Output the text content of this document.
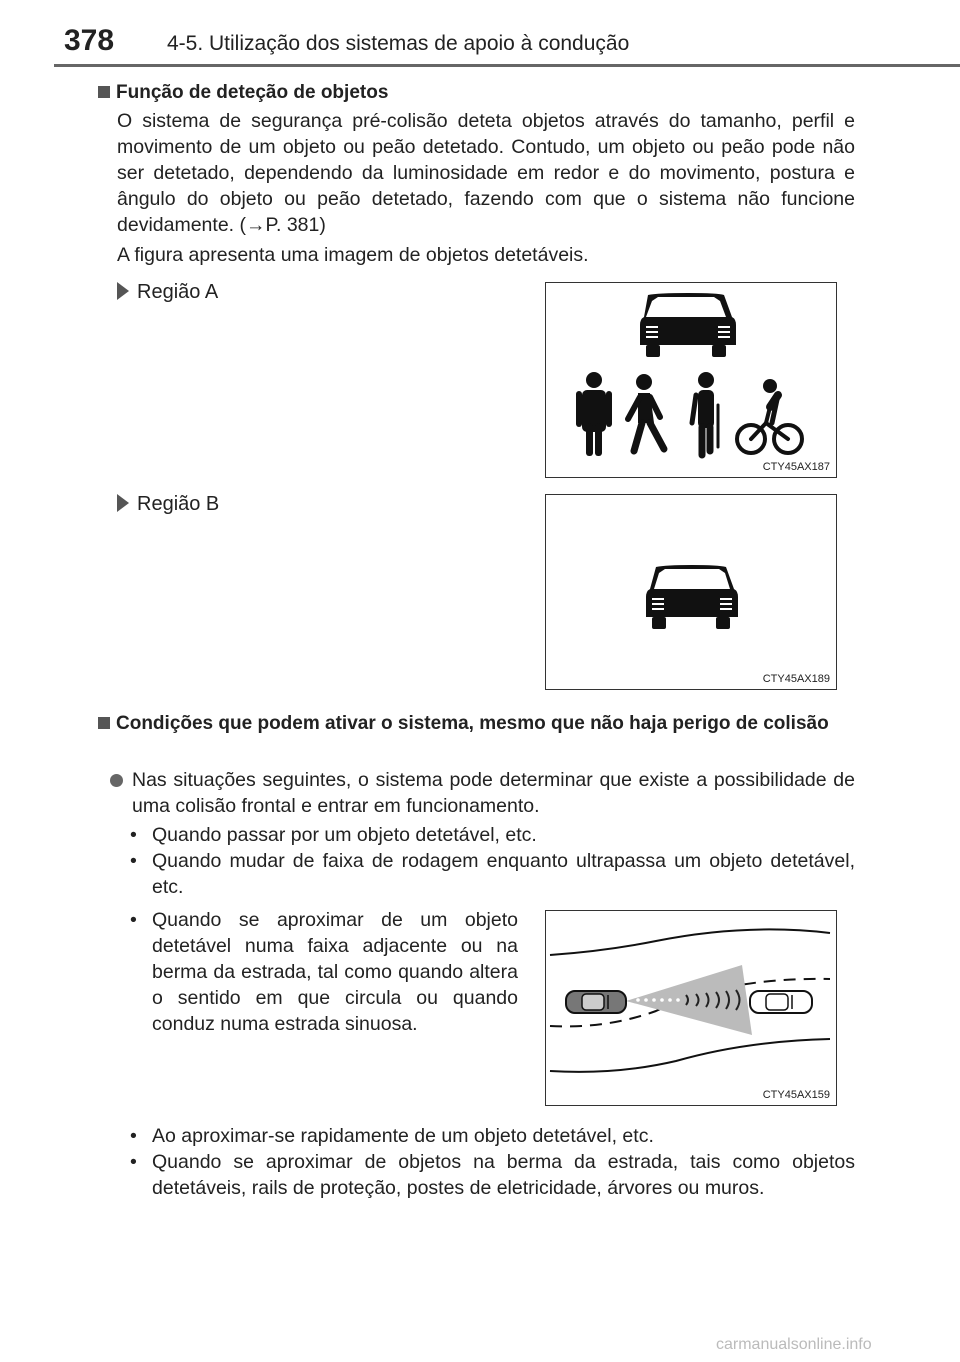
378	4-5. Utilização dos sistemas de apoio à condução
Função de deteção de objetos
O sistema de segurança pré-colisão deteta objetos através do tamanho, perfil e movimento de um objeto ou peão detetado. Contudo, um objeto ou peão pode não ser detetado, dependendo da luminosidade em redor e do movimento, postura e ângulo do objeto ou peão detetado, fazendo com que o sistema não funcione devidamente. (→P. 381)
A figura apresenta uma imagem de objetos detetáveis.
Região A
CTY45AX187
Região B
CTY45AX189
Condições que podem ativar o sistema, mesmo que não haja perigo de colisão
Nas situações seguintes, o sistema pode determinar que existe a possibilidade de uma colisão frontal e entrar em funcionamento.
• Quando passar por um objeto detetável, etc.
• Quando mudar de faixa de rodagem enquanto ultrapassa um objeto detetável, etc.
• Quando se aproximar de um objeto detetável numa faixa adjacente ou na berma da estrada, tal como quando altera o sentido em que circula ou quando conduz numa estrada sinuosa.
CTY45AX159
• Ao aproximar-se rapidamente de um objeto detetável, etc.
• Quando se aproximar de objetos na berma da estrada, tais como objetos detetáveis, rails de proteção, postes de eletricidade, árvores ou muros.
carmanualsonline.info
